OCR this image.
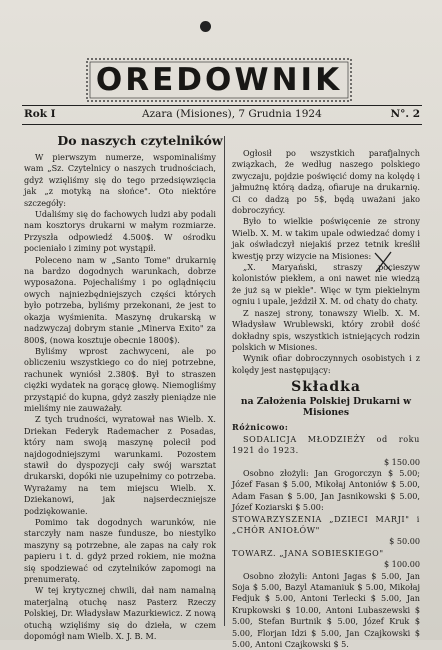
OREDOWNIK
Rok I	Azara (Misiones), 7 Grudnia 1924	N°. 2
Do naszych czytelników

W pierwszym numerze, wspominaliśmy wam „Sz. Czytelnicy o naszych trudnościach, gdyż wzięliśmy się do tego przedsięwzięcia jak „z motyką na słońce". Oto niektóre szczegóły:

Udaliśmy się do fachowych ludzi aby podali nam kosztorys drukarni w małym rozmiarze. Przyszła odpowiedź 4.500$. W ośrodku pocieniało i ziminy pot wystąpił.

Poleceno nam w „Santo Tome" drukarnię na bardzo dogodnych warunkach, dobrze wyposażona. Pojechaliśmy i po oglądnięciu owych najniezbędniejszych części których było potrzeba, byliśmy przekonani, że jest to okazja wyśmienita. Maszynę drukarską w nadzwyczaj dobrym stanie „Minerva Exito" za 800$, (nowa kosztuje obecnie 1800$).

Byliśmy wprost zachwyceni, ale po obliczeniu wszystkiego co do niej potrzebne, rachunek wyniósł 2.380$. Był to straszen ciężki wydatek na gorącę głowę. Niemogliśmy przystąpić do kupna, gdyż zaszły pieniądze nie mieliśmy nie zauważały.

Z tych trudności, wyratował nas Wielb. X. Driekan Federyk Rademacher z Posadas, który nam swoją maszynę polecił pod najdogodniejszymi warunkami. Pozostem stawił do dyspozycji cały swój warsztat drukarski, dopóki nie uzupełnimy co potrzeba. Wyrażamy na tem miejscu Wielb. X. Dziekanowi, jak najserdeczniejsze podziękowanie.

Pomimo tak dogodnych warunków, nie starczyły nam nasze fundusze, bo niestylko maszyny są potrzebne, ale zapas na cały rok papieru i t. d. gdyż przed rokiem, nie można się spodziewać od czytelników zapomogi na prenumeratę.

W tej krytycznej chwili, dał nam namalną materjalną otuchę nasz Pasterz Rzeczy Polskiej, Dr. Władysław Mazurkiewicz. Z nową otuchą wzięliśmy się do dzieła, w czem dopomógł nam Wielb. X. J. B. M.

Ogłosił po wszystkich parafjalnych związkach, że według naszego polskiego zwyczaju, pojdzie poświęcić domy na kolędę i jałmużnę którą dadzą, ofiaruje na drukarnię. Ci co dadzą po 5$, będą uważani jako dobroczyńcy.

Było to wielkie poświęcenie ze strony Wielb. X. M. w takim upale odwiedzać domy i jak ośwładczył niejakiś przez tetnik kreślił kwestję przy wizycie na Misiones:

„X. Maryański, straszy pocieszyw kolonistów piekłem, a oni nawet nie wiedzą że już są w piekle". Więc w tym piekielnym ogniu i upale, jeździł X. M. od chaty do chaty.

Z naszej strony, tonawszy Wielb. X. M. Władysław Wrublewski, który zrobił dość dokładny spis, wszystkich istniejących rodzin polskich w Misiones.

Wynik ofiar dobroczynnych osobistych i z kolędy jest następujący:

Składka
na Założenia Polskiej Drukarni w Misiones
Różnicowo:

SODALICJA MŁODZIEŻY od roku 1921 do 1923.

$ 150.00

Osobno złożyli: Jan Grogorczyn $ 5.00; Józef Fasan $ 5.00, Mikołaj Antoniów $ 5.00, Adam Fasan $ 5.00, Jan Jasnikowski $ 5.00, Józef Koziarski $ 5.00:

STOWARZYSZENIA „DZIECI MARJI" i „CHÓR ANIOŁÓW"

$ 50.00

TOWARZ. „JANA SOBIESKIEGO"

$ 100.00

Osobno złożyli: Antoni Jagas $ 5.00, Jan Soja $ 5.00, Bazyl Atamaniuk $ 5.00, Mikołaj Fedjuk $ 5.00, Antoni Terlecki $ 5.00, Jan Krupkowski $ 10.00, Antoni Lubaszewski $ 5.00, Stefan Burtnik $ 5.00, Józef Kruk $ 5.00, Florjan Idzi $ 5.00, Jan Czajkowski $ 5.00, Antoni Czajkowski $ 5.
